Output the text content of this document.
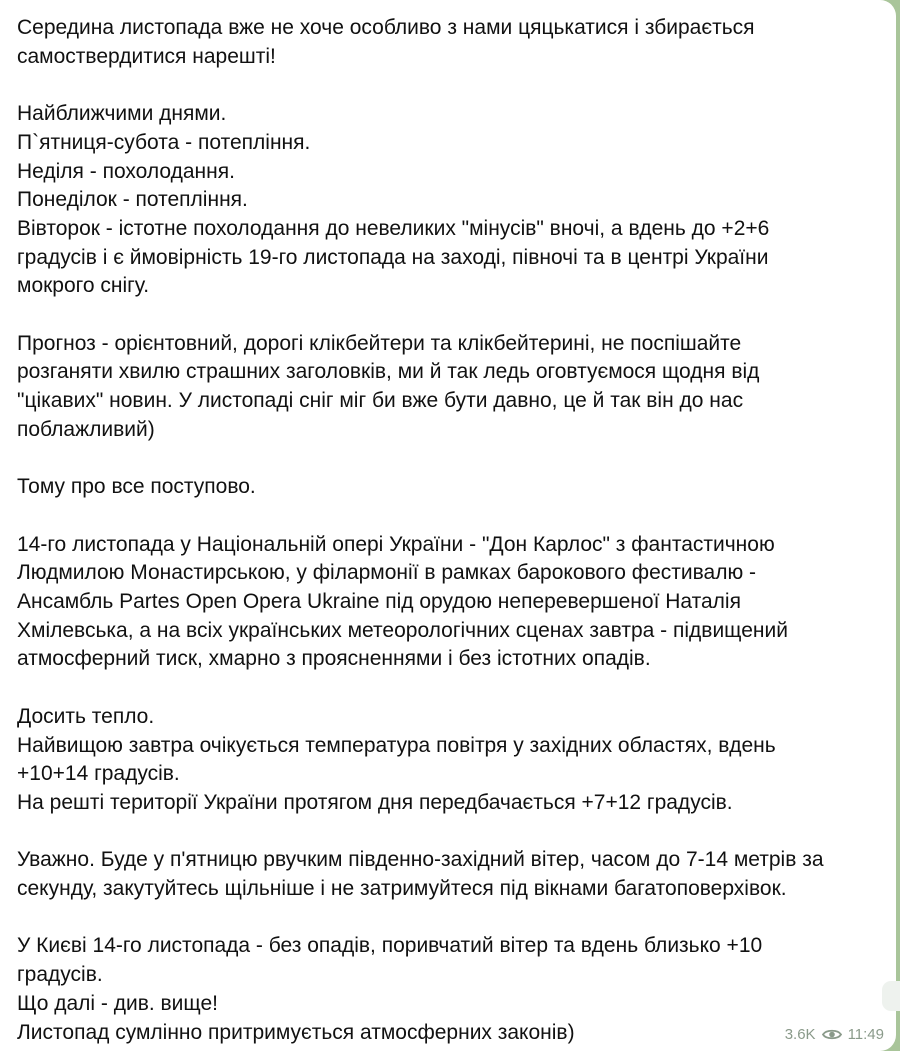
Середина листопада вже не хоче особливо з нами цяцькатися і збирається
самоствердитися нарешті!
Найближчими днями.
П`ятниця-субота - потепління.
Неділя - похолодання.
Понеділок - потепління.
Вівторок - істотне похолодання до невеликих "мінусів" вночі, а вдень до +2+6
градусів і є ймовірність 19-го листопада на заході, півночі та в центрі України
мокрого снігу.
Прогноз - орієнтовний, дорогі клікбейтери та клікбейтерині, не поспішайте
розганяти хвилю страшних заголовків, ми й так ледь оговтуємося щодня від
"цікавих" новин. У листопаді сніг міг би вже бути давно, це й так він до нас
поблажливий)
Тому про все поступово.
14-го листопада у Національній опері України - "Дон Карлос" з фантастичною
Людмилою Монастирською, у філармонії в рамках барокового фестивалю -
Ансамбль Partes Open Opera Ukraine під орудою неперевершеної Наталія
Хмілевська, а на всіх українських метеорологічних сценах завтра - підвищений
атмосферний тиск, хмарно з проясненнями і без істотних опадів.
Досить тепло.
Найвищою завтра очікується температура повітря у західних областях, вдень
+10+14 градусів.
На решті території України протягом дня передбачається +7+12 градусів.
Уважно. Буде у п'ятницю рвучким південно-західний вітер, часом до 7-14 метрів за
секунду, закутуйтесь щільніше і не затримуйтеся під вікнами багатоповерхівок.
У Києві 14-го листопада - без опадів, поривчатий вітер та вдень близько +10
градусів.
Що далі - див. вище!
Листопад сумлінно притримується атмосферних законів)	3.6K 11:49
